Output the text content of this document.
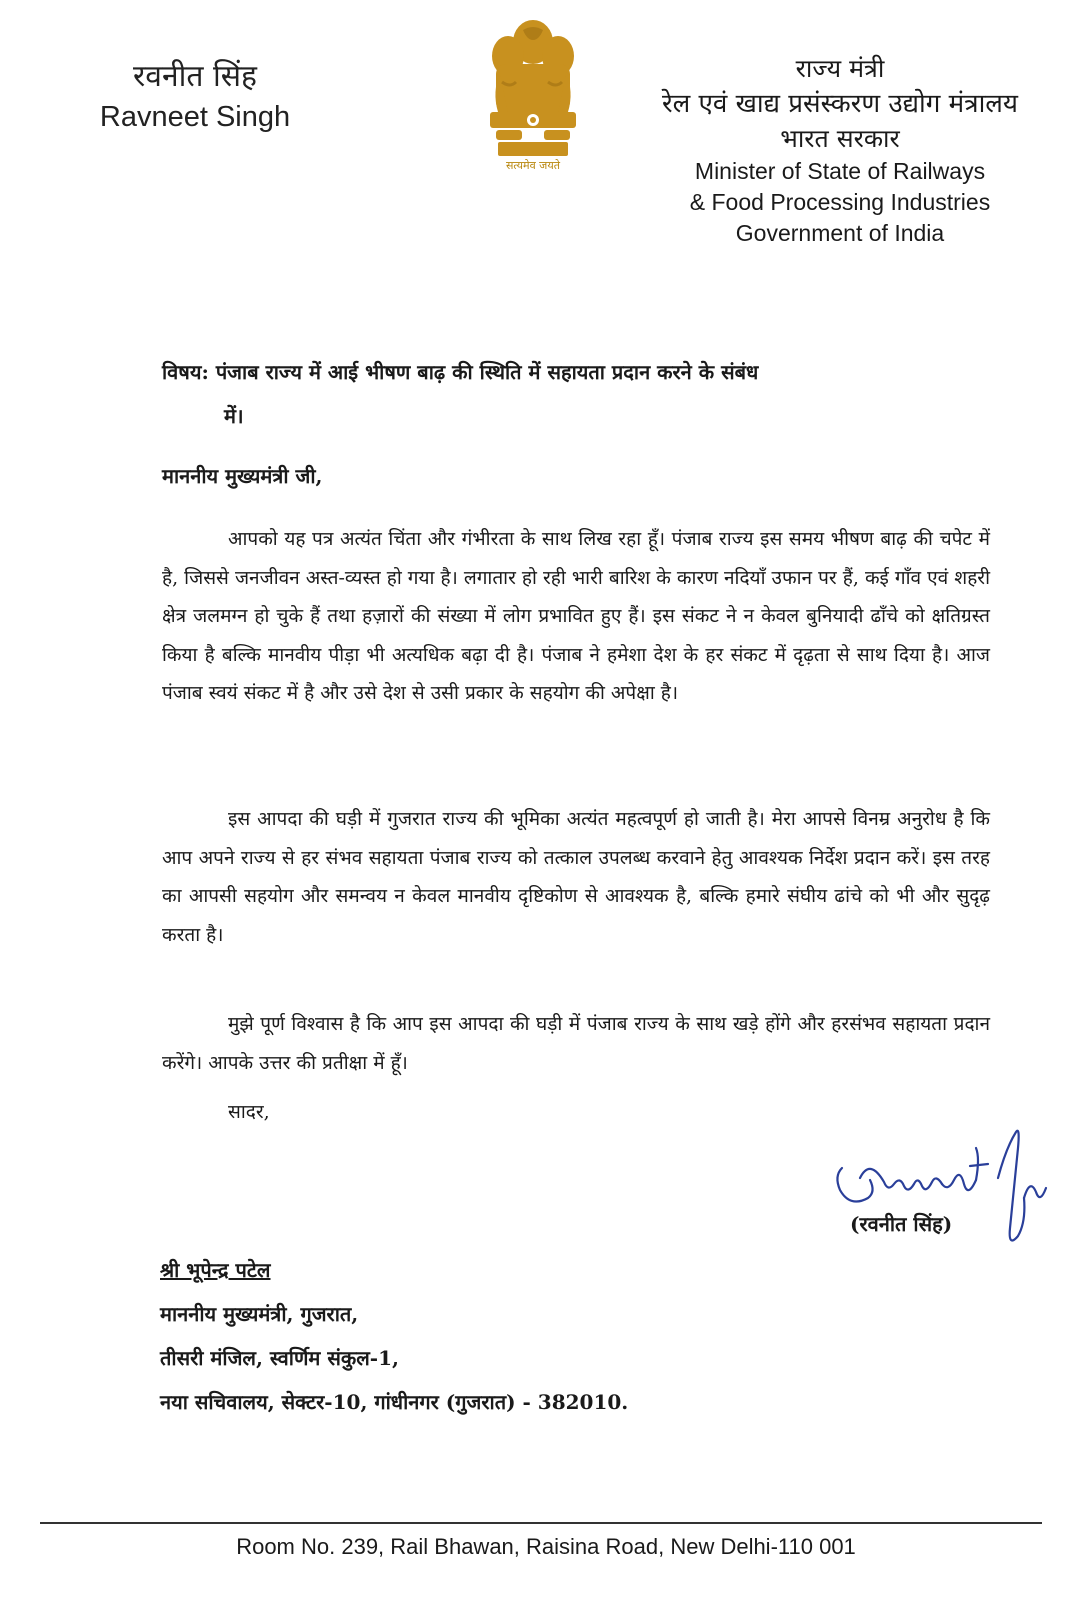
रवनीत सिंह
Ravneet Singh
सत्यमेव जयते
राज्य मंत्री
रेल एवं खाद्य प्रसंस्करण उद्योग मंत्रालय
भारत सरकार
Minister of State of Railways
& Food Processing Industries
Government of India
विषय: पंजाब राज्य में आई भीषण बाढ़ की स्थिति में सहायता प्रदान करने के संबंध
में।
माननीय मुख्यमंत्री जी,

आपको यह पत्र अत्यंत चिंता और गंभीरता के साथ लिख रहा हूँ। पंजाब राज्य इस समय भीषण बाढ़ की चपेट में है, जिससे जनजीवन अस्त-व्यस्त हो गया है। लगातार हो रही भारी बारिश के कारण नदियाँ उफान पर हैं, कई गाँव एवं शहरी क्षेत्र जलमग्न हो चुके हैं तथा हज़ारों की संख्या में लोग प्रभावित हुए हैं। इस संकट ने न केवल बुनियादी ढाँचे को क्षतिग्रस्त किया है बल्कि मानवीय पीड़ा भी अत्यधिक बढ़ा दी है। पंजाब ने हमेशा देश के हर संकट में दृढ़ता से साथ दिया है। आज पंजाब स्वयं संकट में है और उसे देश से उसी प्रकार के सहयोग की अपेक्षा है।

इस आपदा की घड़ी में गुजरात राज्य की भूमिका अत्यंत महत्वपूर्ण हो जाती है। मेरा आपसे विनम्र अनुरोध है कि आप अपने राज्य से हर संभव सहायता पंजाब राज्य को तत्काल उपलब्ध करवाने हेतु आवश्यक निर्देश प्रदान करें। इस तरह का आपसी सहयोग और समन्वय न केवल मानवीय दृष्टिकोण से आवश्यक है, बल्कि हमारे संघीय ढांचे को भी और सुदृढ़ करता है।

मुझे पूर्ण विश्वास है कि आप इस आपदा की घड़ी में पंजाब राज्य के साथ खड़े होंगे और हरसंभव सहायता प्रदान करेंगे। आपके उत्तर की प्रतीक्षा में हूँ।

सादर,
(रवनीत सिंह)
श्री भूपेन्द्र पटेल
माननीय मुख्यमंत्री, गुजरात,
तीसरी मंजिल, स्वर्णिम संकुल-1,
नया सचिवालय, सेक्टर-10, गांधीनगर (गुजरात) - 382010.
Room No. 239, Rail Bhawan, Raisina Road, New Delhi-110 001
